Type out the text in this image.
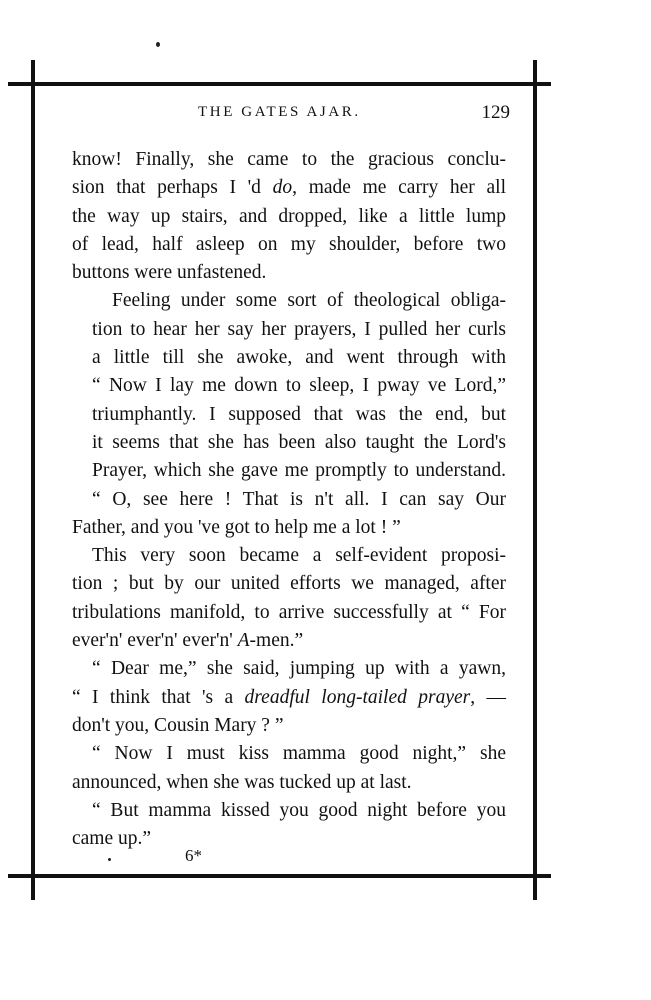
THE GATES AJAR.	129

know! Finally, she came to the gracious conclu-
sion that perhaps I 'd do, made me carry her all
the way up stairs, and dropped, like a little lump
of lead, half asleep on my shoulder, before two
buttons were unfastened.

Feeling under some sort of theological obliga-
tion to hear her say her prayers, I pulled her curls
a little till she awoke, and went through with
“ Now I lay me down to sleep, I pway ve Lord,”
triumphantly. I supposed that was the end, but
it seems that she has been also taught the Lord's
Prayer, which she gave me promptly to understand.

“ O, see here ! That is n't all. I can say Our
Father, and you 've got to help me a lot ! ”

This very soon became a self-evident proposi-
tion ; but by our united efforts we managed, after
tribulations manifold, to arrive successfully at “ For
ever'n' ever'n' ever'n' A-men.”

“ Dear me,” she said, jumping up with a yawn,
“ I think that 's a dreadful long-tailed prayer, —
don't you, Cousin Mary ? ”

“ Now I must kiss mamma good night,” she
announced, when she was tucked up at last.

“ But mamma kissed you good night before you
came up.”

6*
